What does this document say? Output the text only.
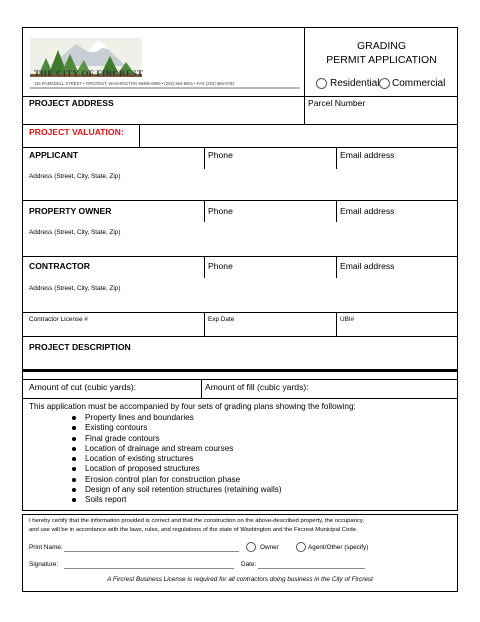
THE CITY OF FIRCREST
115 RAMSDELL STREET • FIRCREST, WASHINGTON 98466-6999 • (253) 564-8901 • FAX (253) 566-0762
GRADING
PERMIT APPLICATION
Residential Commercial
PROJECT ADDRESS	Parcel Number
PROJECT VALUATION:
APPLICANT	Phone	Email address
Address (Street, City, State, Zip)
PROPERTY OWNER	Phone	Email address
Address (Street, City, State, Zip)
CONTRACTOR	Phone	Email address
Address (Street, City, State, Zip)
Contractor License #	Exp Date	UBI#
PROJECT DESCRIPTION
Amount of cut (cubic yards):	Amount of fill (cubic yards):
This application must be accompanied by four sets of grading plans showing the following:
Property lines and boundaries
Existing contours
Final grade contours
Location of drainage and stream courses
Location of existing structures
Location of proposed structures
Erosion control plan for construction phase
Design of any soil retention structures (retaining walls)
Soils report
I hereby certify that the information provided is correct and that the construction on the above-described property, the occupancy,
and use will be in accordance with the laws, rules, and regulations of the state of Washington and the Fircrest Municipal Code.
Print Name:	Owner	Agent/Other (specify)
Signature:	Date:
A Fircrest Business License is required for all contractors doing business in the City of Fircrest
